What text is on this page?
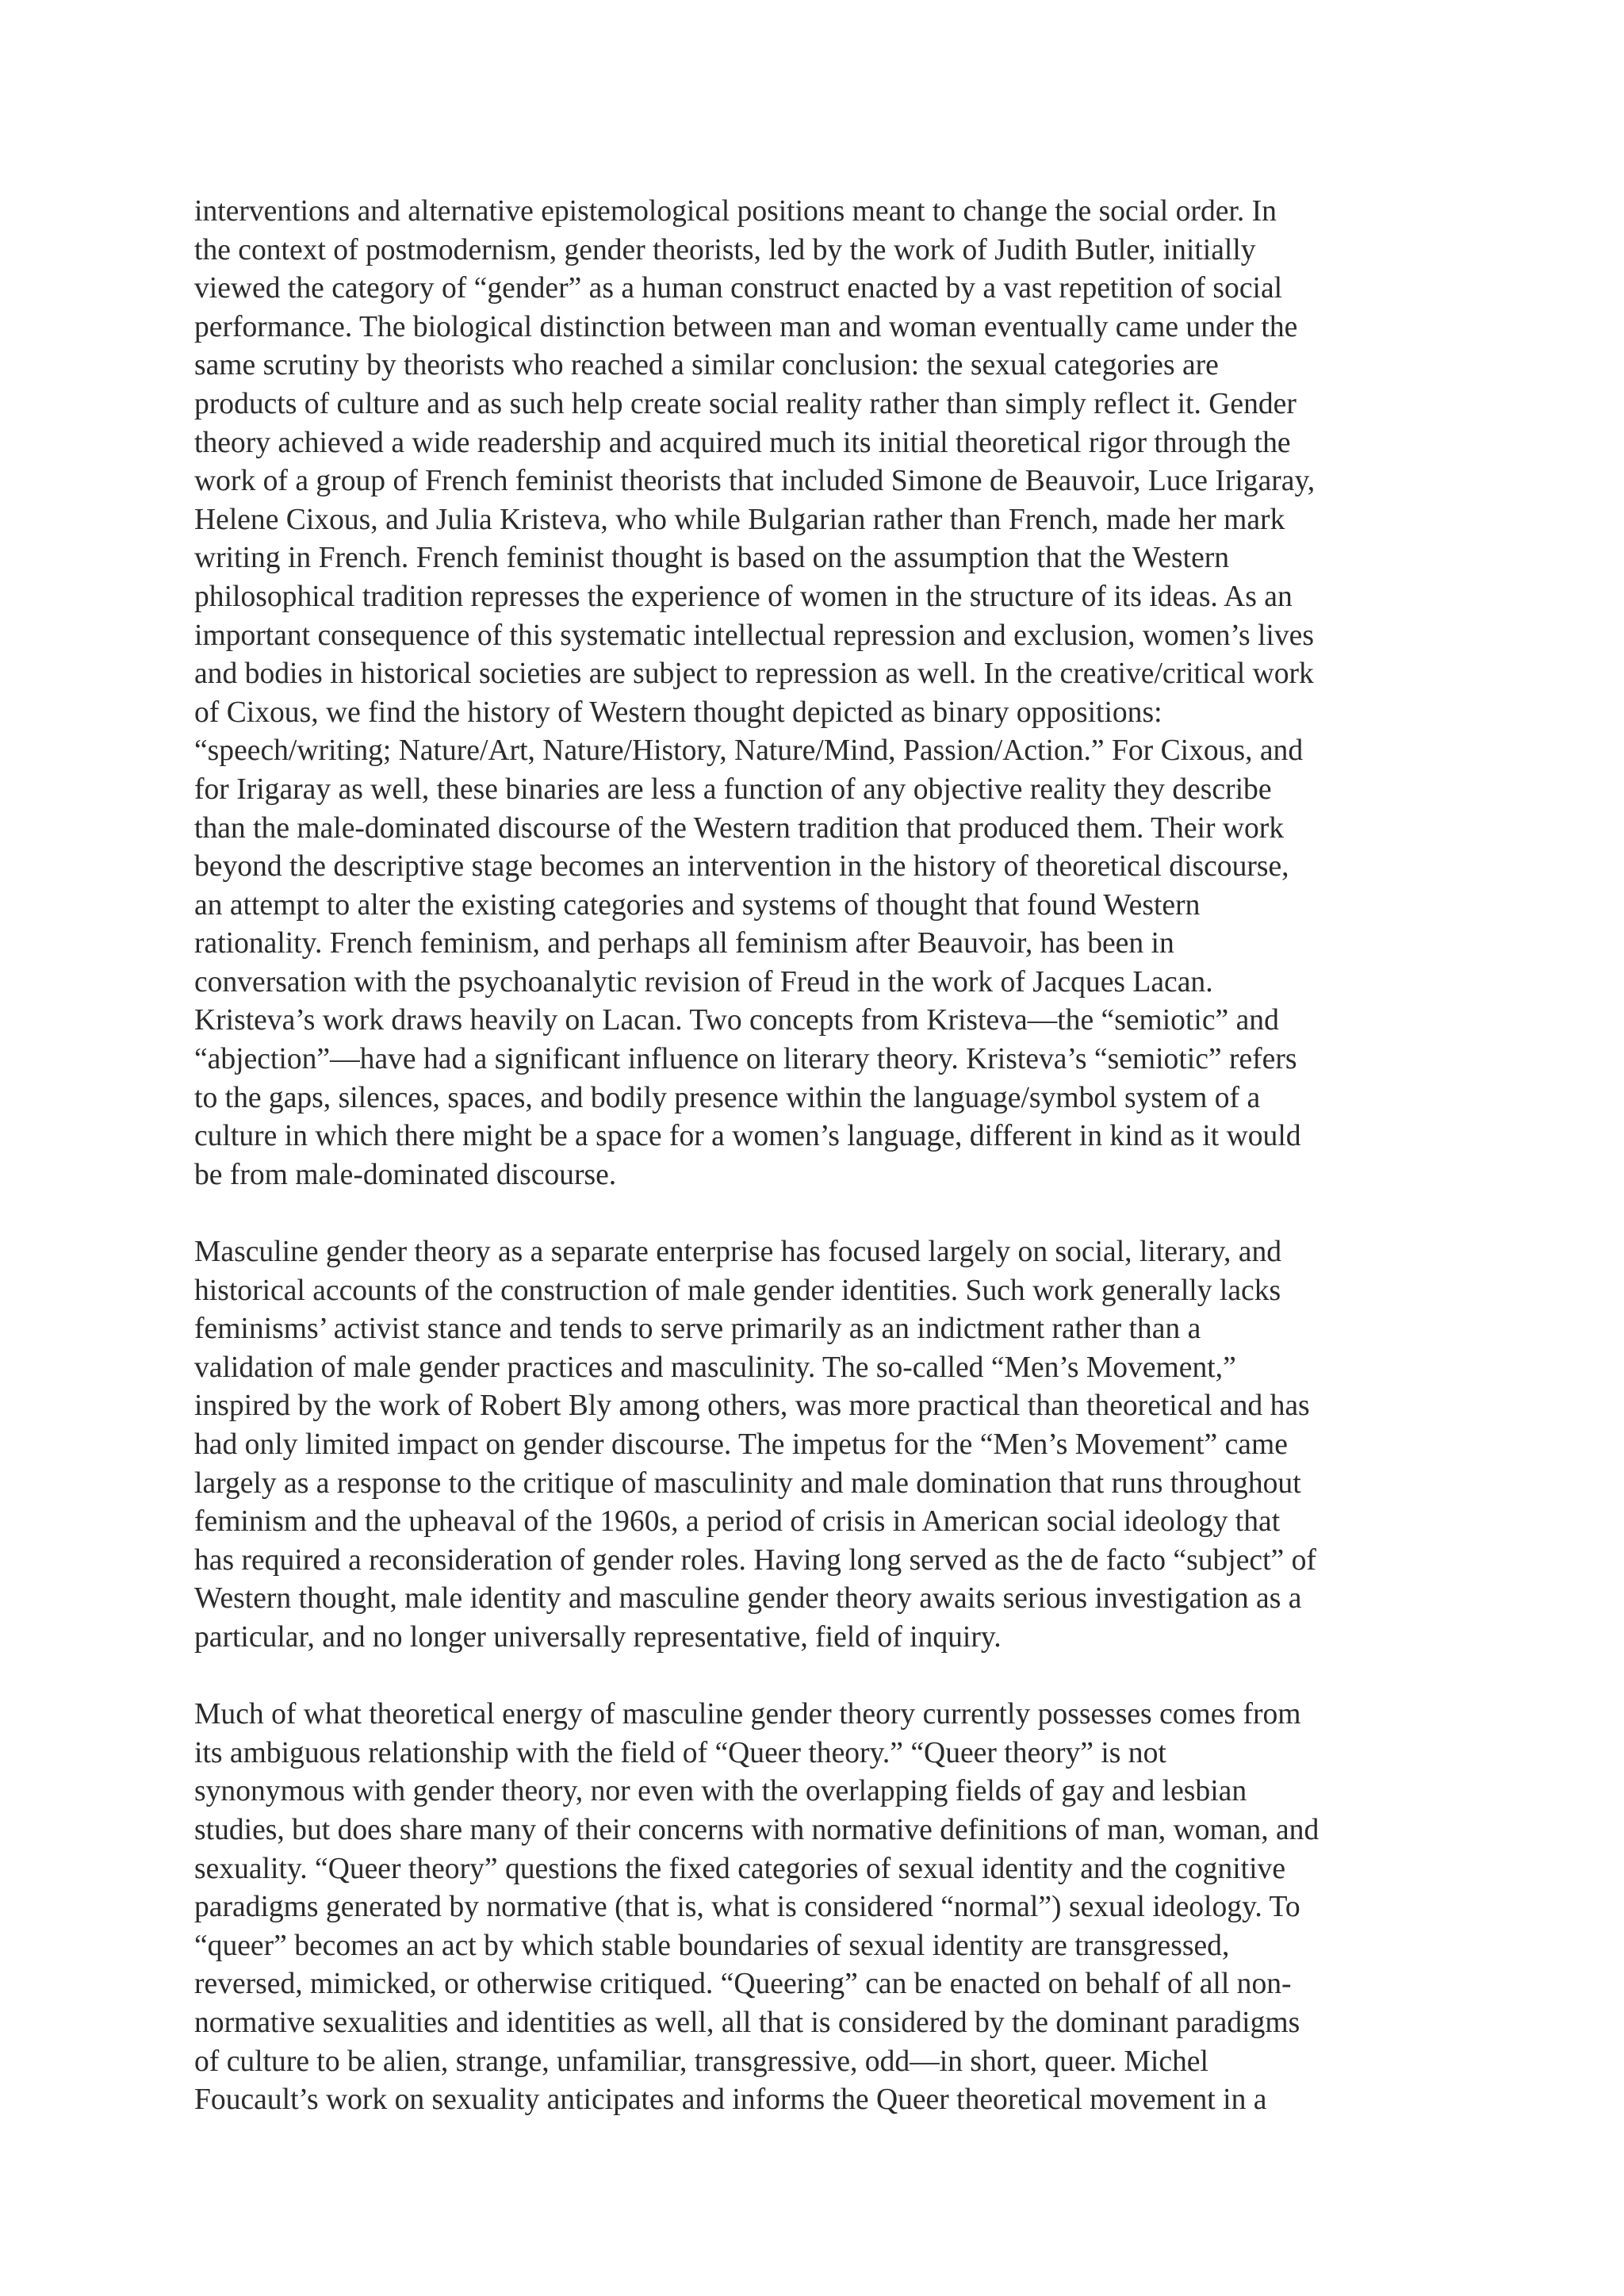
interventions and alternative epistemological positions meant to change the social order. In
the context of postmodernism, gender theorists, led by the work of Judith Butler, initially
viewed the category of “gender” as a human construct enacted by a vast repetition of social
performance. The biological distinction between man and woman eventually came under the
same scrutiny by theorists who reached a similar conclusion: the sexual categories are
products of culture and as such help create social reality rather than simply reflect it. Gender
theory achieved a wide readership and acquired much its initial theoretical rigor through the
work of a group of French feminist theorists that included Simone de Beauvoir, Luce Irigaray,
Helene Cixous, and Julia Kristeva, who while Bulgarian rather than French, made her mark
writing in French. French feminist thought is based on the assumption that the Western
philosophical tradition represses the experience of women in the structure of its ideas. As an
important consequence of this systematic intellectual repression and exclusion, women’s lives
and bodies in historical societies are subject to repression as well. In the creative/critical work
of Cixous, we find the history of Western thought depicted as binary oppositions:
“speech/writing; Nature/Art, Nature/History, Nature/Mind, Passion/Action.” For Cixous, and
for Irigaray as well, these binaries are less a function of any objective reality they describe
than the male-dominated discourse of the Western tradition that produced them. Their work
beyond the descriptive stage becomes an intervention in the history of theoretical discourse,
an attempt to alter the existing categories and systems of thought that found Western
rationality. French feminism, and perhaps all feminism after Beauvoir, has been in
conversation with the psychoanalytic revision of Freud in the work of Jacques Lacan.
Kristeva’s work draws heavily on Lacan. Two concepts from Kristeva—the “semiotic” and
“abjection”—have had a significant influence on literary theory. Kristeva’s “semiotic” refers
to the gaps, silences, spaces, and bodily presence within the language/symbol system of a
culture in which there might be a space for a women’s language, different in kind as it would
be from male-dominated discourse.
Masculine gender theory as a separate enterprise has focused largely on social, literary, and
historical accounts of the construction of male gender identities. Such work generally lacks
feminisms’ activist stance and tends to serve primarily as an indictment rather than a
validation of male gender practices and masculinity. The so-called “Men’s Movement,”
inspired by the work of Robert Bly among others, was more practical than theoretical and has
had only limited impact on gender discourse. The impetus for the “Men’s Movement” came
largely as a response to the critique of masculinity and male domination that runs throughout
feminism and the upheaval of the 1960s, a period of crisis in American social ideology that
has required a reconsideration of gender roles. Having long served as the de facto “subject” of
Western thought, male identity and masculine gender theory awaits serious investigation as a
particular, and no longer universally representative, field of inquiry.
Much of what theoretical energy of masculine gender theory currently possesses comes from
its ambiguous relationship with the field of “Queer theory.” “Queer theory” is not
synonymous with gender theory, nor even with the overlapping fields of gay and lesbian
studies, but does share many of their concerns with normative definitions of man, woman, and
sexuality. “Queer theory” questions the fixed categories of sexual identity and the cognitive
paradigms generated by normative (that is, what is considered “normal”) sexual ideology. To
“queer” becomes an act by which stable boundaries of sexual identity are transgressed,
reversed, mimicked, or otherwise critiqued. “Queering” can be enacted on behalf of all non-
normative sexualities and identities as well, all that is considered by the dominant paradigms
of culture to be alien, strange, unfamiliar, transgressive, odd—in short, queer. Michel
Foucault’s work on sexuality anticipates and informs the Queer theoretical movement in a
